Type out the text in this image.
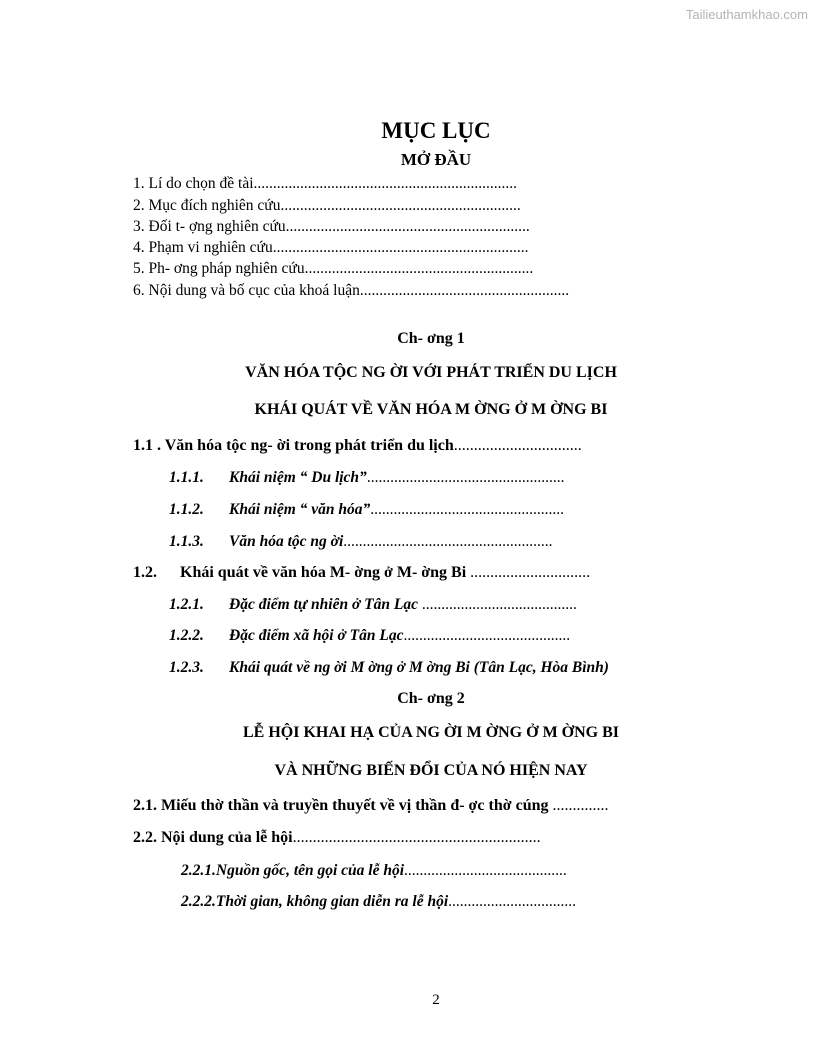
Tailieuthamkhao.com
MỤC LỤC
MỞ ĐẦU
1. Lí do chọn đề tài....................................................................
2. Mục đích nghiên cứu..............................................................
3. Đối t- ợng nghiên cứu...............................................................
4. Phạm vi nghiên cứu..................................................................
5. Ph- ơng pháp nghiên cứu...........................................................
6. Nội dung và bố cục của khoá luận......................................................
Ch- ơng 1
VĂN HÓA TỘC NG ỜI VỚI PHÁT TRIỂN DU LỊCH
KHÁI QUÁT VỀ VĂN HÓA M ỜNG Ở M ỜNG BI
1.1 . Văn hóa tộc ng- ời trong phát triển du lịch................................
1.1.1. Khái niệm “ Du lịch”...................................................
1.1.2. Khái niệm “ văn hóa”..................................................
1.1.3. Văn hóa tộc ng ời......................................................
1.2. Khái quát về văn hóa M- ờng ở M- ờng Bi ..............................
1.2.1. Đặc điểm tự nhiên ở Tân Lạc ........................................
1.2.2. Đặc điểm xã hội ở Tân Lạc...........................................
1.2.3. Khái quát về ng ời M ờng ở M ờng Bi (Tân Lạc, Hòa Bình)
Ch- ơng 2
LỄ HỘI KHAI HẠ CỦA NG ỜI M ỜNG Ở M ỜNG BI
VÀ NHỮNG BIẾN ĐỔI CỦA NÓ HIỆN NAY
2.1. Miếu thờ thần và truyền thuyết về vị thần đ- ợc thờ cúng ..............
2.2. Nội dung của lễ hội..............................................................
2.2.1.Nguồn gốc, tên gọi của lễ hội..........................................
2.2.2.Thời gian, không gian diễn ra lễ hội.................................
2
